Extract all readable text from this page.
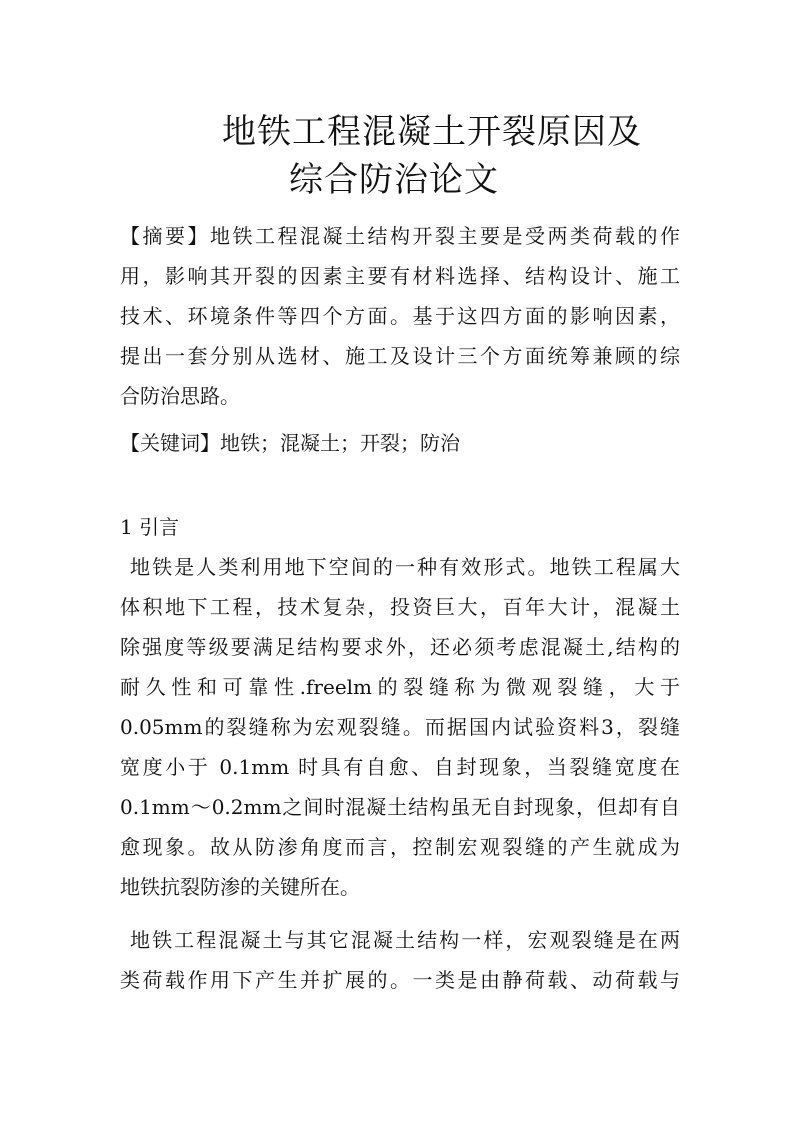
地铁工程混凝土开裂原因及
综合防治论文
【摘要】地铁工程混凝土结构开裂主要是受两类荷载的作
用，影响其开裂的因素主要有材料选择、结构设计、施工
技术、环境条件等四个方面。基于这四方面的影响因素，
提出一套分别从选材、施工及设计三个方面统筹兼顾的综
合防治思路。
【关键词】地铁；混凝土；开裂；防治
1 引言
地铁是人类利用地下空间的一种有效形式。地铁工程属大
体积地下工程，技术复杂，投资巨大，百年大计，混凝土
除强度等级要满足结构要求外，还必须考虑混凝土,结构的
耐久性和可靠性.freelm的裂缝称为微观裂缝，大于
0.05mm的裂缝称为宏观裂缝。而据国内试验资料3，裂缝
宽度小于 0.1mm 时具有自愈、自封现象，当裂缝宽度在
0.1mm～0.2mm之间时混凝土结构虽无自封现象，但却有自
愈现象。故从防渗角度而言，控制宏观裂缝的产生就成为
地铁抗裂防渗的关键所在。
地铁工程混凝土与其它混凝土结构一样，宏观裂缝是在两
类荷载作用下产生并扩展的。一类是由静荷载、动荷载与
